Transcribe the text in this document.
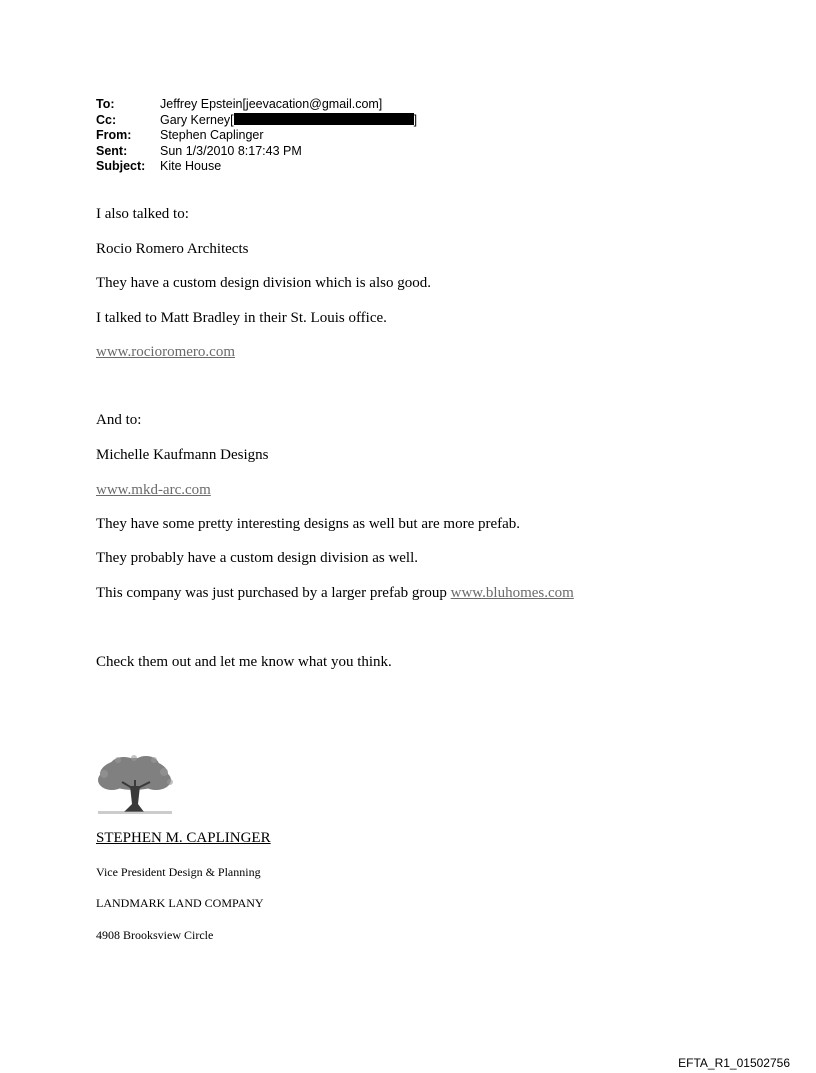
To:	Jeffrey Epstein[jeevacation@gmail.com]
Cc:	Gary Kerney[	]
From:	Stephen Caplinger
Sent:	Sun 1/3/2010 8:17:43 PM
Subject:	Kite House
I also talked to:
Rocio Romero Architects
They have a custom design division which is also good.
I talked to Matt Bradley in their St. Louis office.
www.rocioromero.com
And to:
Michelle Kaufmann Designs
www.mkd-arc.com
They have some pretty interesting designs as well but are more prefab.
They probably have a custom design division as well.
This company was just purchased by a larger prefab group www.bluhomes.com
Check them out and let me know what you think.
STEPHEN M. CAPLINGER
Vice President Design & Planning
LANDMARK LAND COMPANY
4908 Brooksview Circle
EFTA_R1_01502756
